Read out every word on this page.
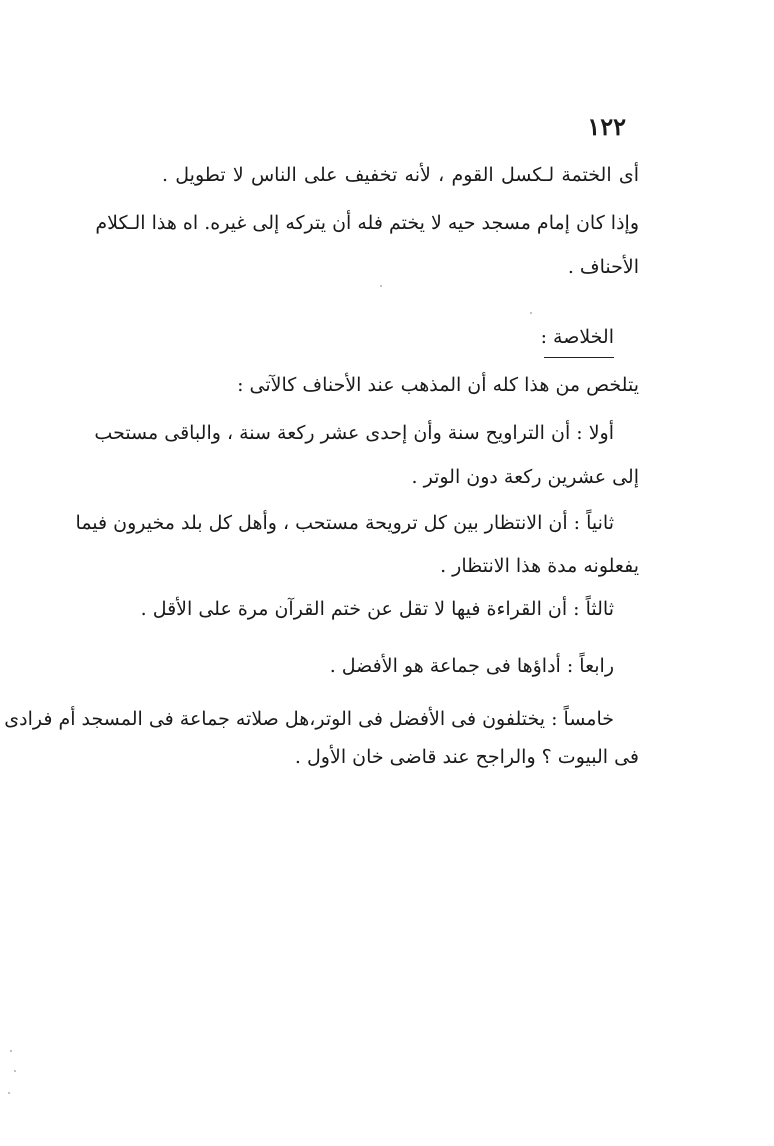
١٢٢
أى الختمة لـكسل القوم ، لأنه تخفيف على الناس لا تطويل .
وإذا كان إمام مسجد حيه لا يختم فله أن يتركه إلى غيره. اه هذا الـكلام
الأحناف .
الخلاصة :
يتلخص من هذا كله أن المذهب عند الأحناف كالآتى :
أولا : أن التراويح سنة وأن إحدى عشر ركعة سنة ، والباقى مستحب
إلى عشرين ركعة دون الوتر .
ثانياً : أن الانتظار بين كل ترويحة مستحب ، وأهل كل بلد مخيرون فيما
يفعلونه مدة هذا الانتظار .
ثالثاً : أن القراءة فيها لا تقل عن ختم القرآن مرة على الأقل .
رابعاً : أداؤها فى جماعة هو الأفضل .
خامساً : يختلفون فى الأفضل فى الوتر،هل صلاته جماعة فى المسجد أم فرادى
فى البيوت ؟ والراجح عند قاضى خان الأول .
